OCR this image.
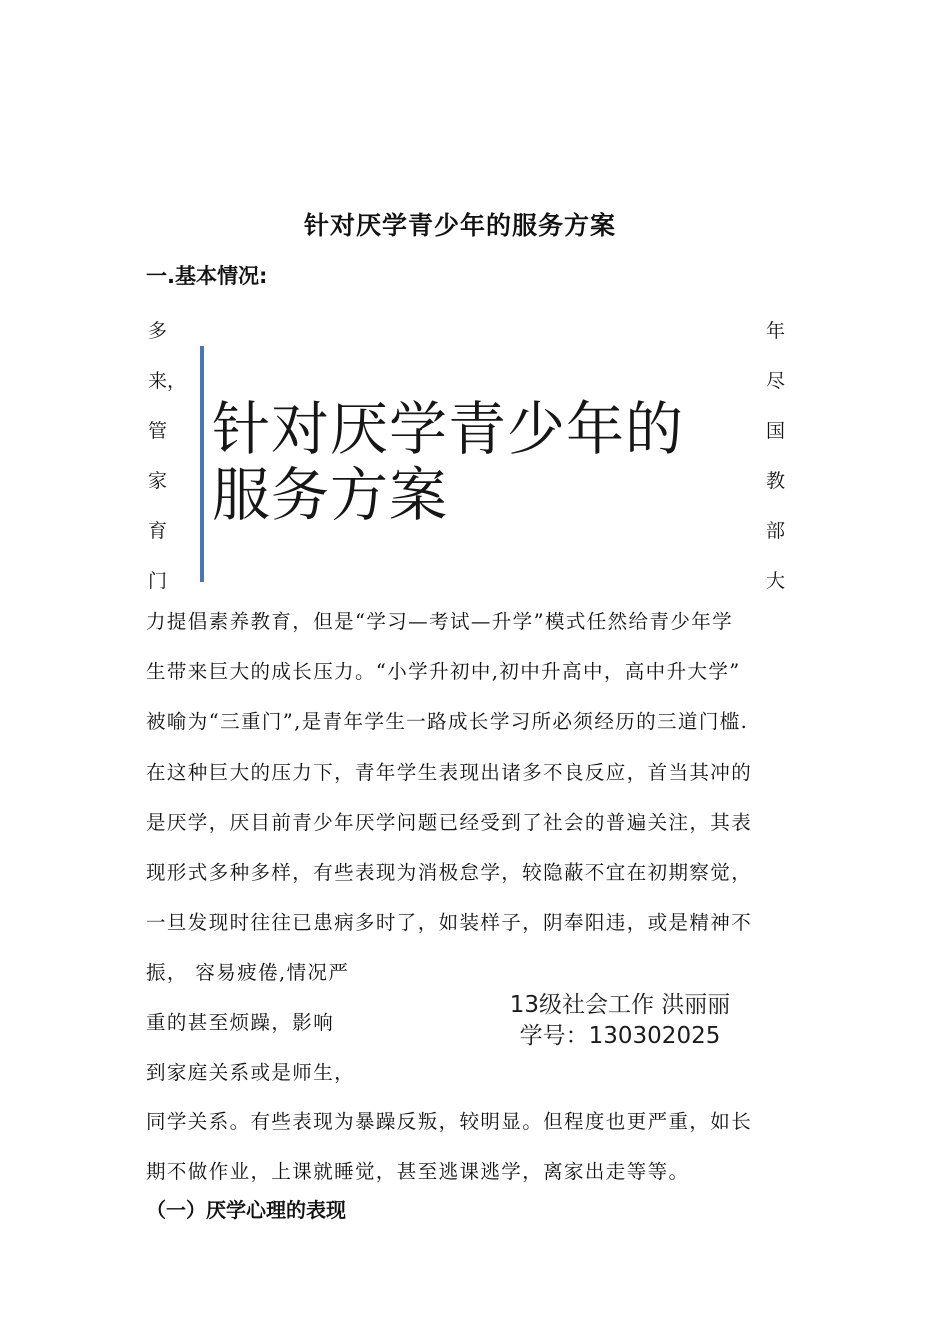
针对厌学青少年的服务方案
一.基本情况:
多
来，
管
家
育
门
年
尽
国
教
部
大
针对厌学青少年的
服务方案

力提倡素养教育，但是“学习—考试—升学”模式任然给青少年学

生带来巨大的成长压力。“小学升初中,初中升高中，高中升大学”

被喻为“三重门”,是青年学生一路成长学习所必须经历的三道门槛.

在这种巨大的压力下，青年学生表现出诸多不良反应，首当其冲的

是厌学，厌目前青少年厌学问题已经受到了社会的普遍关注，其表

现形式多种多样，有些表现为消极怠学，较隐蔽不宜在初期察觉，

一旦发现时往往已患病多时了，如装样子，阴奉阳违，或是精神不

振， 容易疲倦,情况严

重的甚至烦躁，影响

到家庭关系或是师生，

13级社会工作 洪丽丽
学号：130302025

同学关系。有些表现为暴躁反叛，较明显。但程度也更严重，如长

期不做作业，上课就睡觉，甚至逃课逃学，离家出走等等。

（一）厌学心理的表现
